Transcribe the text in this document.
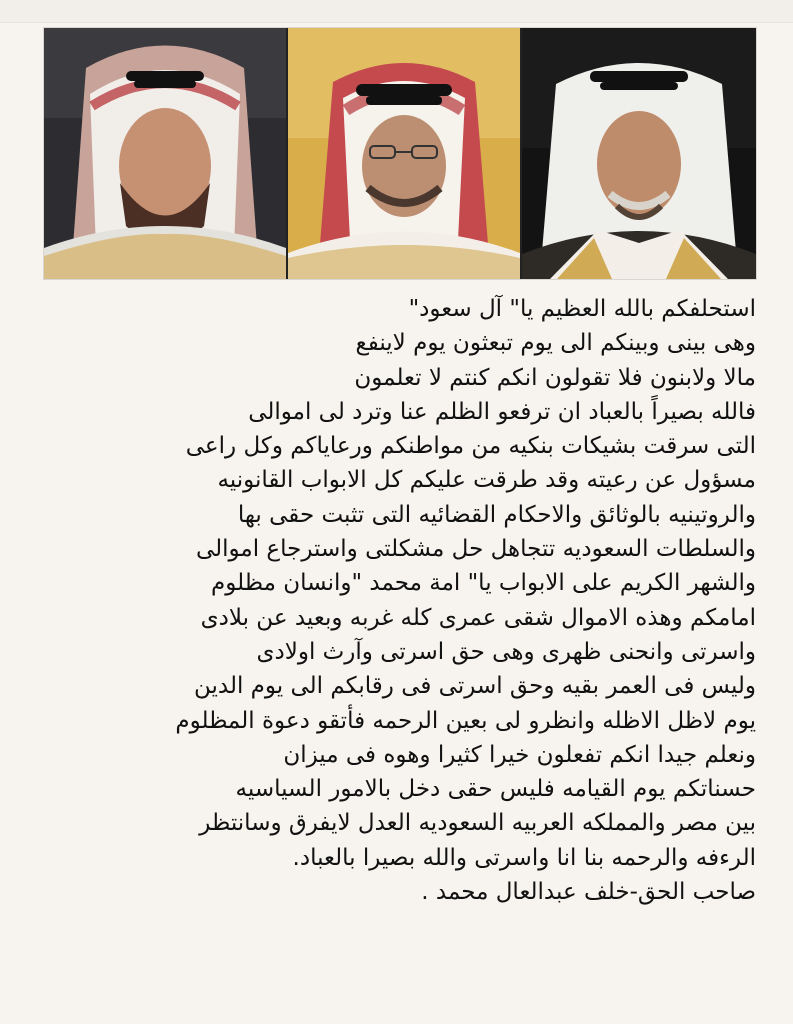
استحلفكم بالله العظيم يا" آل سعود"
وهى بينى وبينكم الى يوم تبعثون يوم لاينفع
مالا ولابنون فلا تقولون انكم كنتم لا تعلمون
فالله بصيراً بالعباد ان ترفعو الظلم عنا وترد لى اموالى
التى سرقت بشيكات بنكيه من مواطنكم ورعاياكم وكل راعى
مسؤول عن رعيته وقد طرقت عليكم كل الابواب القانونيه
والروتينيه بالوثائق والاحكام القضائيه التى تثبت حقى بها
والسلطات السعوديه تتجاهل حل مشكلتى واسترجاع اموالى
والشهر الكريم على الابواب يا" امة محمد "وانسان مظلوم
امامكم وهذه الاموال شقى عمرى كله غربه وبعيد عن بلادى
واسرتى وانحنى ظهرى وهى حق اسرتى وآرث اولادى
وليس فى العمر بقيه وحق اسرتى فى رقابكم الى يوم الدين
يوم لاظل الاظله وانظرو لى بعين الرحمه فأتقو دعوة المظلوم
ونعلم جيدا انكم تفعلون خيرا كثيرا وهوه فى ميزان
حسناتكم يوم القيامه فليس حقى دخل بالامور السياسيه
بين مصر والمملكه العربيه السعوديه العدل لايفرق وسانتظر
الرءفه والرحمه بنا انا واسرتى والله بصيرا بالعباد.
صاحب الحق-خلف عبدالعال محمد .
